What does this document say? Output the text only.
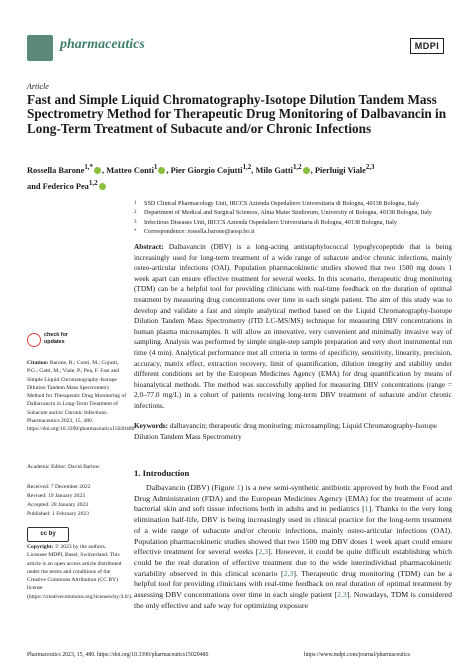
pharmaceutics	MDPI
Article
Fast and Simple Liquid Chromatography-Isotope Dilution Tandem Mass Spectrometry Method for Therapeutic Drug Monitoring of Dalbavancin in Long-Term Treatment of Subacute and/or Chronic Infections
Rossella Barone$^{1,*}$ , Matteo Conti$^1$ , Pier Giorgio Cojutti$^{1,2}$, Milo Gatti$^{1,2}$ , Pierluigi Viale$^{2,3}$
and Federico Pea$^{1,2}$
1 SSD Clinical Pharmacology Unit, IRCCS Azienda Ospedaliero Universitaria di Bologna, 40138 Bologna, Italy
2 Department of Medical and Surgical Sciences, Alma Mater Studiorum, University of Bologna, 40138 Bologna, Italy
3 Infectious Diseases Unit, IRCCS Azienda Ospedaliero Universitaria di Bologna, 40138 Bologna, Italy
* Correspondence: rossella.barone@aosp.bo.it
Abstract: Dalbavancin (DBV) is a long-acting antistaphylococcal lypoglycopeptide that is being increasingly used for long-term treatment of a wide range of subacute and/or chronic infections, mainly osteo-articular infections (OAI). Population pharmacokinetic studies showed that two 1500 mg doses 1 week apart can ensure effective treatment for several weeks. In this scenario, therapeutic drug monitoring (TDM) can be a helpful tool for providing clinicians with real-time feedback on the duration of optimal treatment by measuring drug concentrations over time in each single patient. The aim of this study was to develop and validate a fast and simple analytical method based on the Liquid Chromatography-Isotope Dilution Tandem Mass Spectrometry (ITD LC-MS/MS) technique for measuring DBV concentrations in human plasma microsamples. It will allow an innovative, very convenient and minimally invasive way of sampling. Analysis was performed by simple single-step sample preparation and very short instrumental run time (4 min). Analytical performance met all criteria in terms of specificity, sensitivity, linearity, precision, accuracy, matrix effect, extraction recovery, limit of quantification, dilution integrity and stability under different conditions set by the European Medicines Agency (EMA) for drug quantification by means of bioanalytical methods. The method was successfully applied for measuring DBV concentrations (range = 2.0–77.0 mg/L) in a cohort of patients receiving long-term DBV treatment of subacute and/or chronic infections.
Keywords: dalbavancin; therapeutic drug monitoring; microsampling; Liquid Chromatography-Isotope Dilution Tandem Mass Spectrometry
check for
updates
Citation: Barone, R.; Conti, M.; Cojutti, P.G.; Gatti, M.; Viale, P.; Pea, F. Fast and Simple Liquid Chromatography-Isotope Dilution Tandem Mass Spectrometry Method for Therapeutic Drug Monitoring of Dalbavancin in Long-Term Treatment of Subacute and/or Chronic Infections. Pharmaceutics 2023, 15, 480. https://doi.org/10.3390/pharmaceutics15020480
Academic Editor: David Barlow
Received: 7 December 2022
Revised: 19 January 2023
Accepted: 28 January 2023
Published: 1 February 2023
cc by
Copyright: © 2023 by the authors. Licensee MDPI, Basel, Switzerland. This article is an open access article distributed under the terms and conditions of the Creative Commons Attribution (CC BY) license (https://creativecommons.org/licenses/by/4.0/).
1. Introduction
Dalbavancin (DBV) (Figure 1) is a new semi-synthetic antibiotic approved by both the Food and Drug Administration (FDA) and the European Medicines Agency (EMA) for the treatment of acute bacterial skin and soft tissue infections both in adults and in pediatrics [1]. Thanks to the very long elimination half-life, DBV is being increasingly used in clinical practice for the long-term treatment of a wide range of subacute and/or chronic infections, mainly osteo-articular infections (OAI). Population pharmacokinetic studies showed that two 1500 mg DBV doses 1 week apart could ensure effective treatment for several weeks [2,3]. However, it could be quite difficult establishing which could be the real duration of effective treatment due to the wide interindividual pharmacokinetic variability observed in this clinical scenario [2,3]. Therapeutic drug monitoring (TDM) can be a helpful tool for providing clinicians with real-time feedback on real duration of optimal treatment by assessing DBV concentrations over time in each single patient [2,3]. Nowadays, TDM is considered the only effective and safe way for optimizing exposure
Pharmaceutics 2023, 15, 480. https://doi.org/10.3390/pharmaceutics15020480	https://www.mdpi.com/journal/pharmaceutics
